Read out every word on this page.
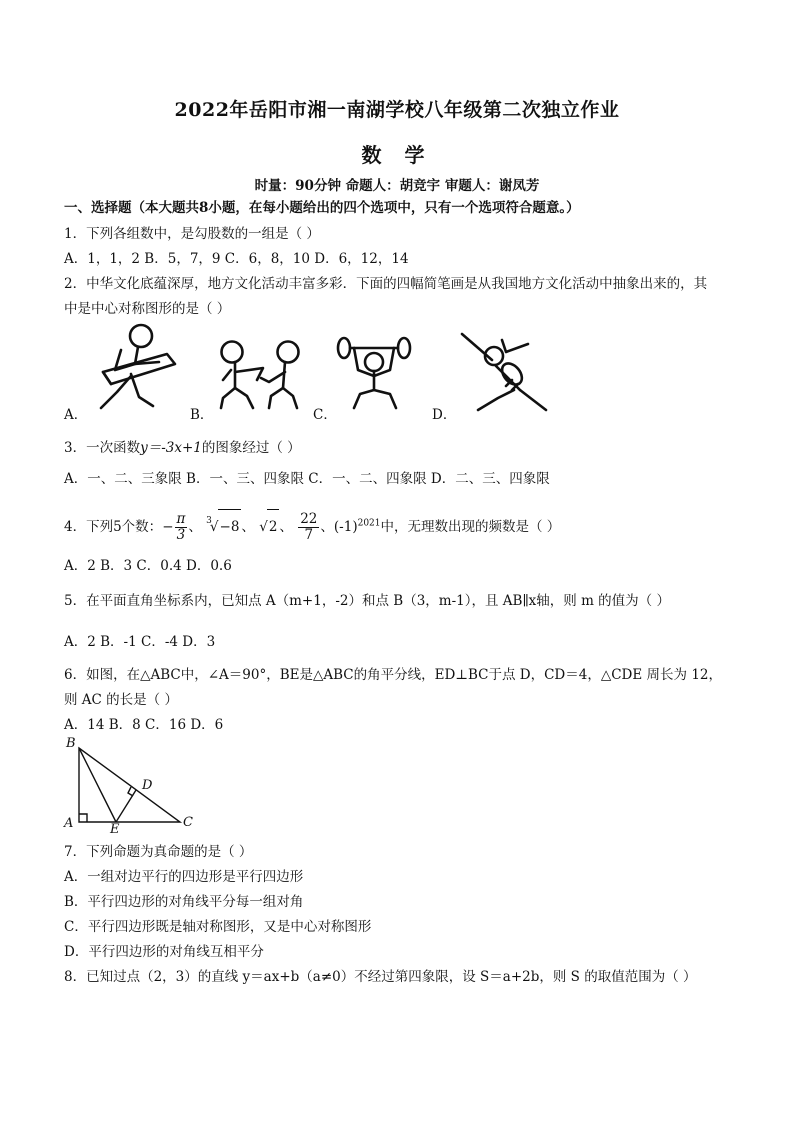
2022年岳阳市湘一南湖学校八年级第二次独立作业
数 学
时量：90分钟 命题人：胡竞宇 审题人：谢凤芳
一、选择题（本大题共8小题，在每小题给出的四个选项中，只有一个选项符合题意。）
1．下列各组数中，是勾股数的一组是（ ）
A．1，1，2 B．5，7，9 C．6，8，10 D．6，12，14
2．中华文化底蕴深厚，地方文化活动丰富多彩．下面的四幅简笔画是从我国地方文化活动中抽象出来的，其
中是中心对称图形的是（ ）
A．	B．	C．	D．
3．一次函数y＝-3x+1的图象经过（ ）
A．一、二、三象限 B．一、三、四象限 C．一、二、四象限 D．二、三、四象限
4．下列5个数：− $\frac{\pi}{3}$ 、 $^3$√−8 、 √2 、 $\frac{22}{7}$ 、$(-1)^{2021}$中，无理数出现的频数是（ ）
A．2 B．3 C．0.4 D．0.6
5．在平面直角坐标系内，已知点 A（m+1，-2）和点 B（3，m-1），且 AB∥x轴，则 m 的值为（ ）
A．2 B．-1 C．-4 D．3
6．如图，在△ABC中，∠A＝90°，BE是△ABC的角平分线，ED⊥BC于点 D，CD＝4，△CDE 周长为 12，
则 AC 的长是（ ）
A．14 B．8 C．16 D．6
B
D
A	E	C
7．下列命题为真命题的是（ ）
A．一组对边平行的四边形是平行四边形
B．平行四边形的对角线平分每一组对角
C．平行四边形既是轴对称图形，又是中心对称图形
D．平行四边形的对角线互相平分
8．已知过点（2，3）的直线 y＝ax+b（a≠0）不经过第四象限，设 S＝a+2b，则 S 的取值范围为（ ）
